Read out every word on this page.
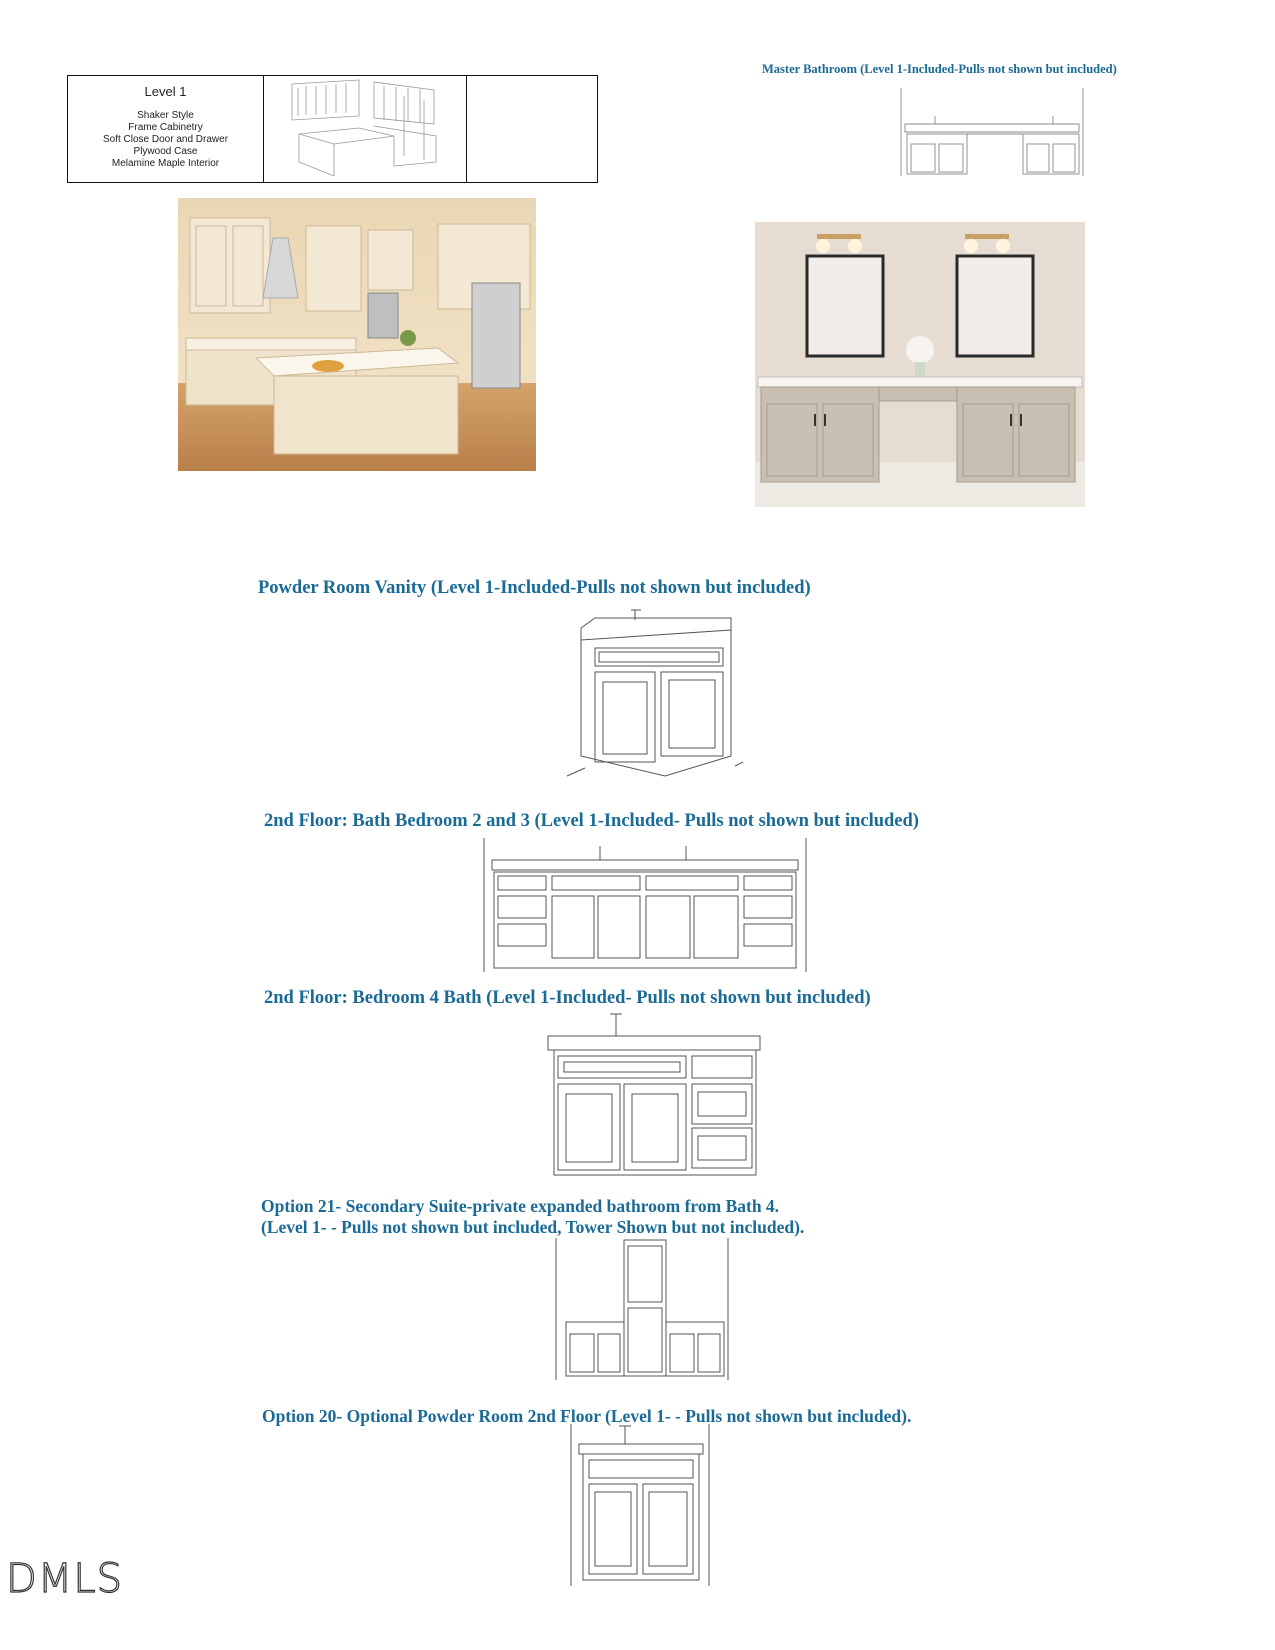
Level 1
Shaker Style
Frame Cabinetry
Soft Close Door and Drawer
Plywood Case
Melamine Maple Interior
Master Bathroom (Level 1-Included-Pulls not shown but included)
Powder Room Vanity (Level 1-Included-Pulls not shown but included)
2nd Floor: Bath Bedroom 2 and 3 (Level 1-Included- Pulls not shown but included)
2nd Floor: Bedroom 4 Bath (Level 1-Included- Pulls not shown but included)
Option 21- Secondary Suite-private expanded bathroom from Bath 4.
(Level 1- - Pulls not shown but included, Tower Shown but not included).
Option 20- Optional Powder Room 2nd Floor (Level 1- - Pulls not shown but included).
DMLS
